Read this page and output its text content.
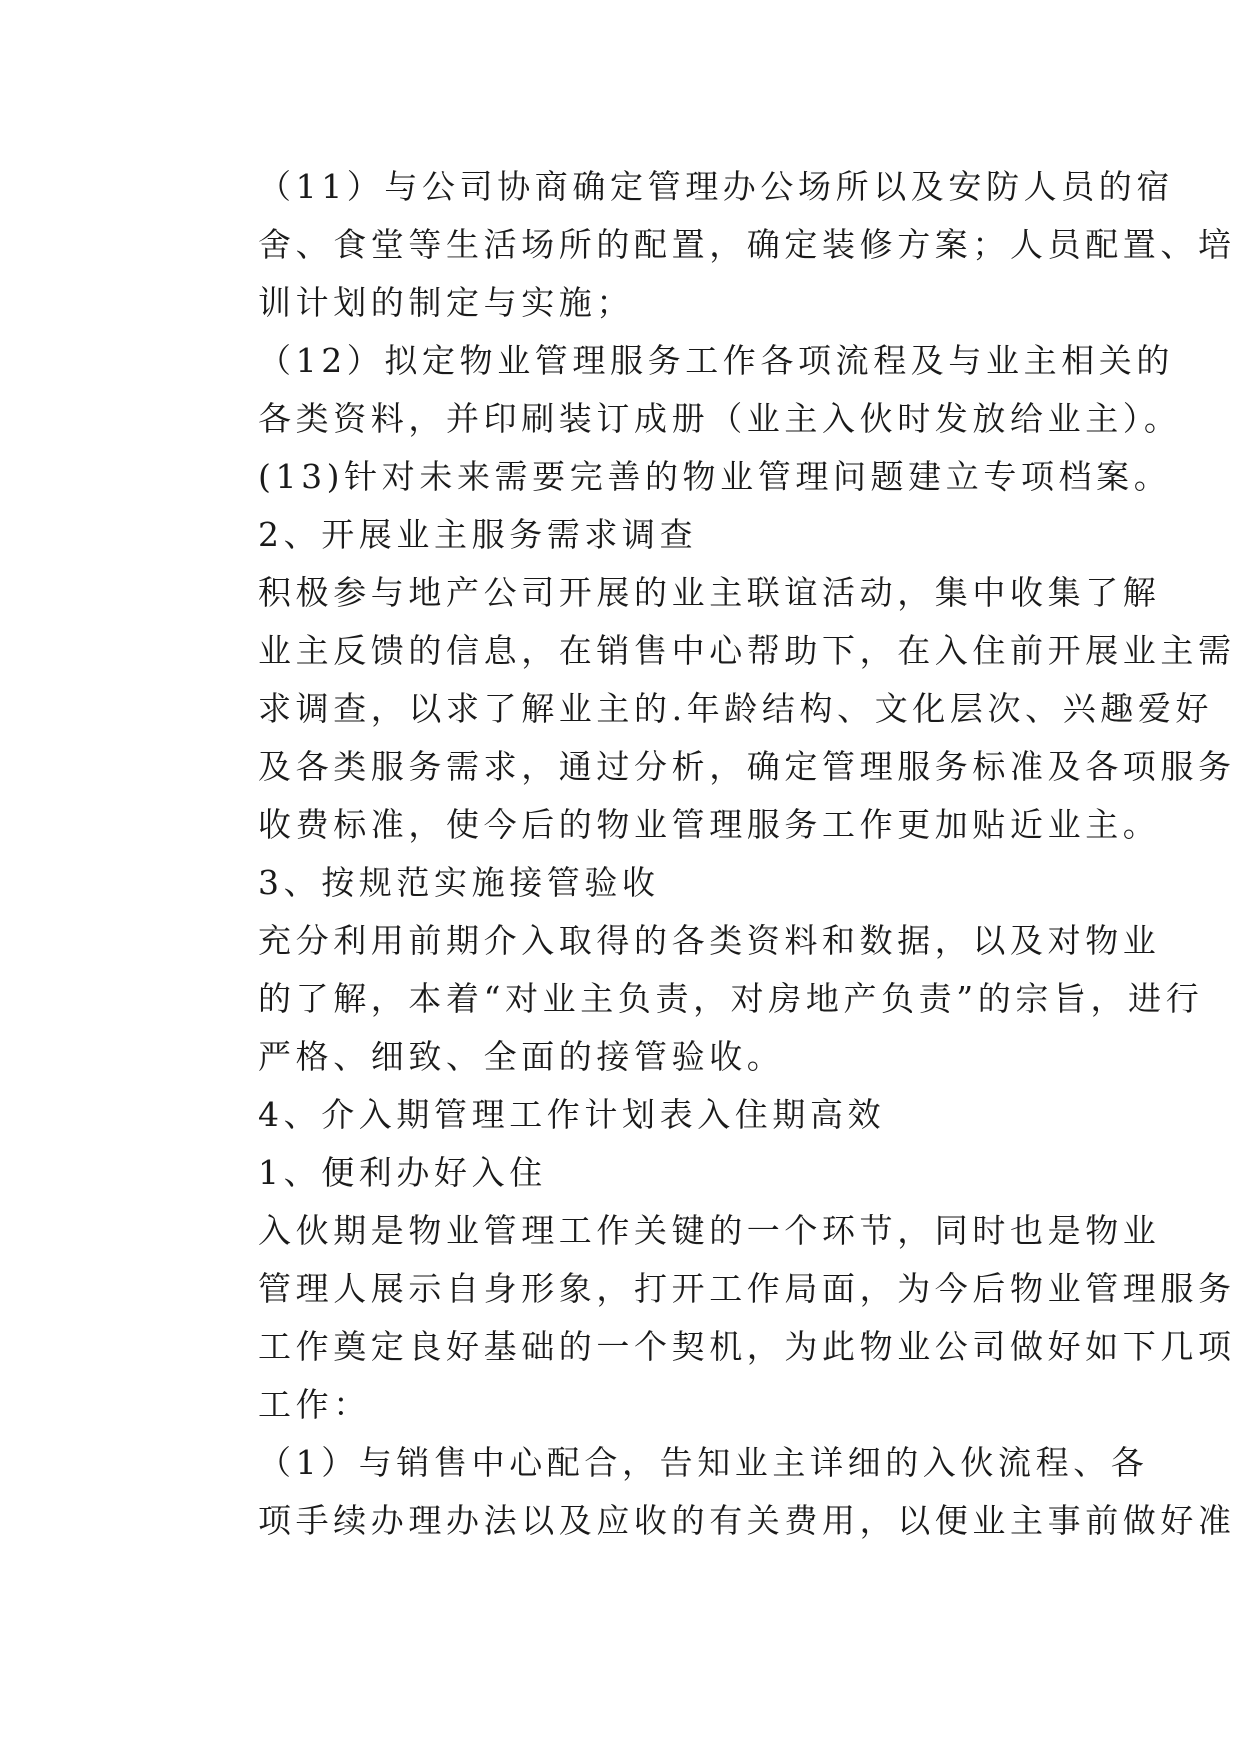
（11）与公司协商确定管理办公场所以及安防人员的宿
舍、食堂等生活场所的配置，确定装修方案；人员配置、培
训计划的制定与实施；

（12）拟定物业管理服务工作各项流程及与业主相关的
各类资料，并印刷装订成册（业主入伙时发放给业主）。

(13)针对未来需要完善的物业管理问题建立专项档案。

2、开展业主服务需求调查

积极参与地产公司开展的业主联谊活动，集中收集了解
业主反馈的信息，在销售中心帮助下，在入住前开展业主需
求调查，以求了解业主的.年龄结构、文化层次、兴趣爱好
及各类服务需求，通过分析，确定管理服务标准及各项服务
收费标准，使今后的物业管理服务工作更加贴近业主。

3、按规范实施接管验收

充分利用前期介入取得的各类资料和数据，以及对物业
的了解，本着“对业主负责，对房地产负责”的宗旨，进行
严格、细致、全面的接管验收。

4、介入期管理工作计划表入住期高效

1、便利办好入住

入伙期是物业管理工作关键的一个环节，同时也是物业
管理人展示自身形象，打开工作局面，为今后物业管理服务
工作奠定良好基础的一个契机，为此物业公司做好如下几项
工作：

（1）与销售中心配合，告知业主详细的入伙流程、各
项手续办理办法以及应收的有关费用，以便业主事前做好准
